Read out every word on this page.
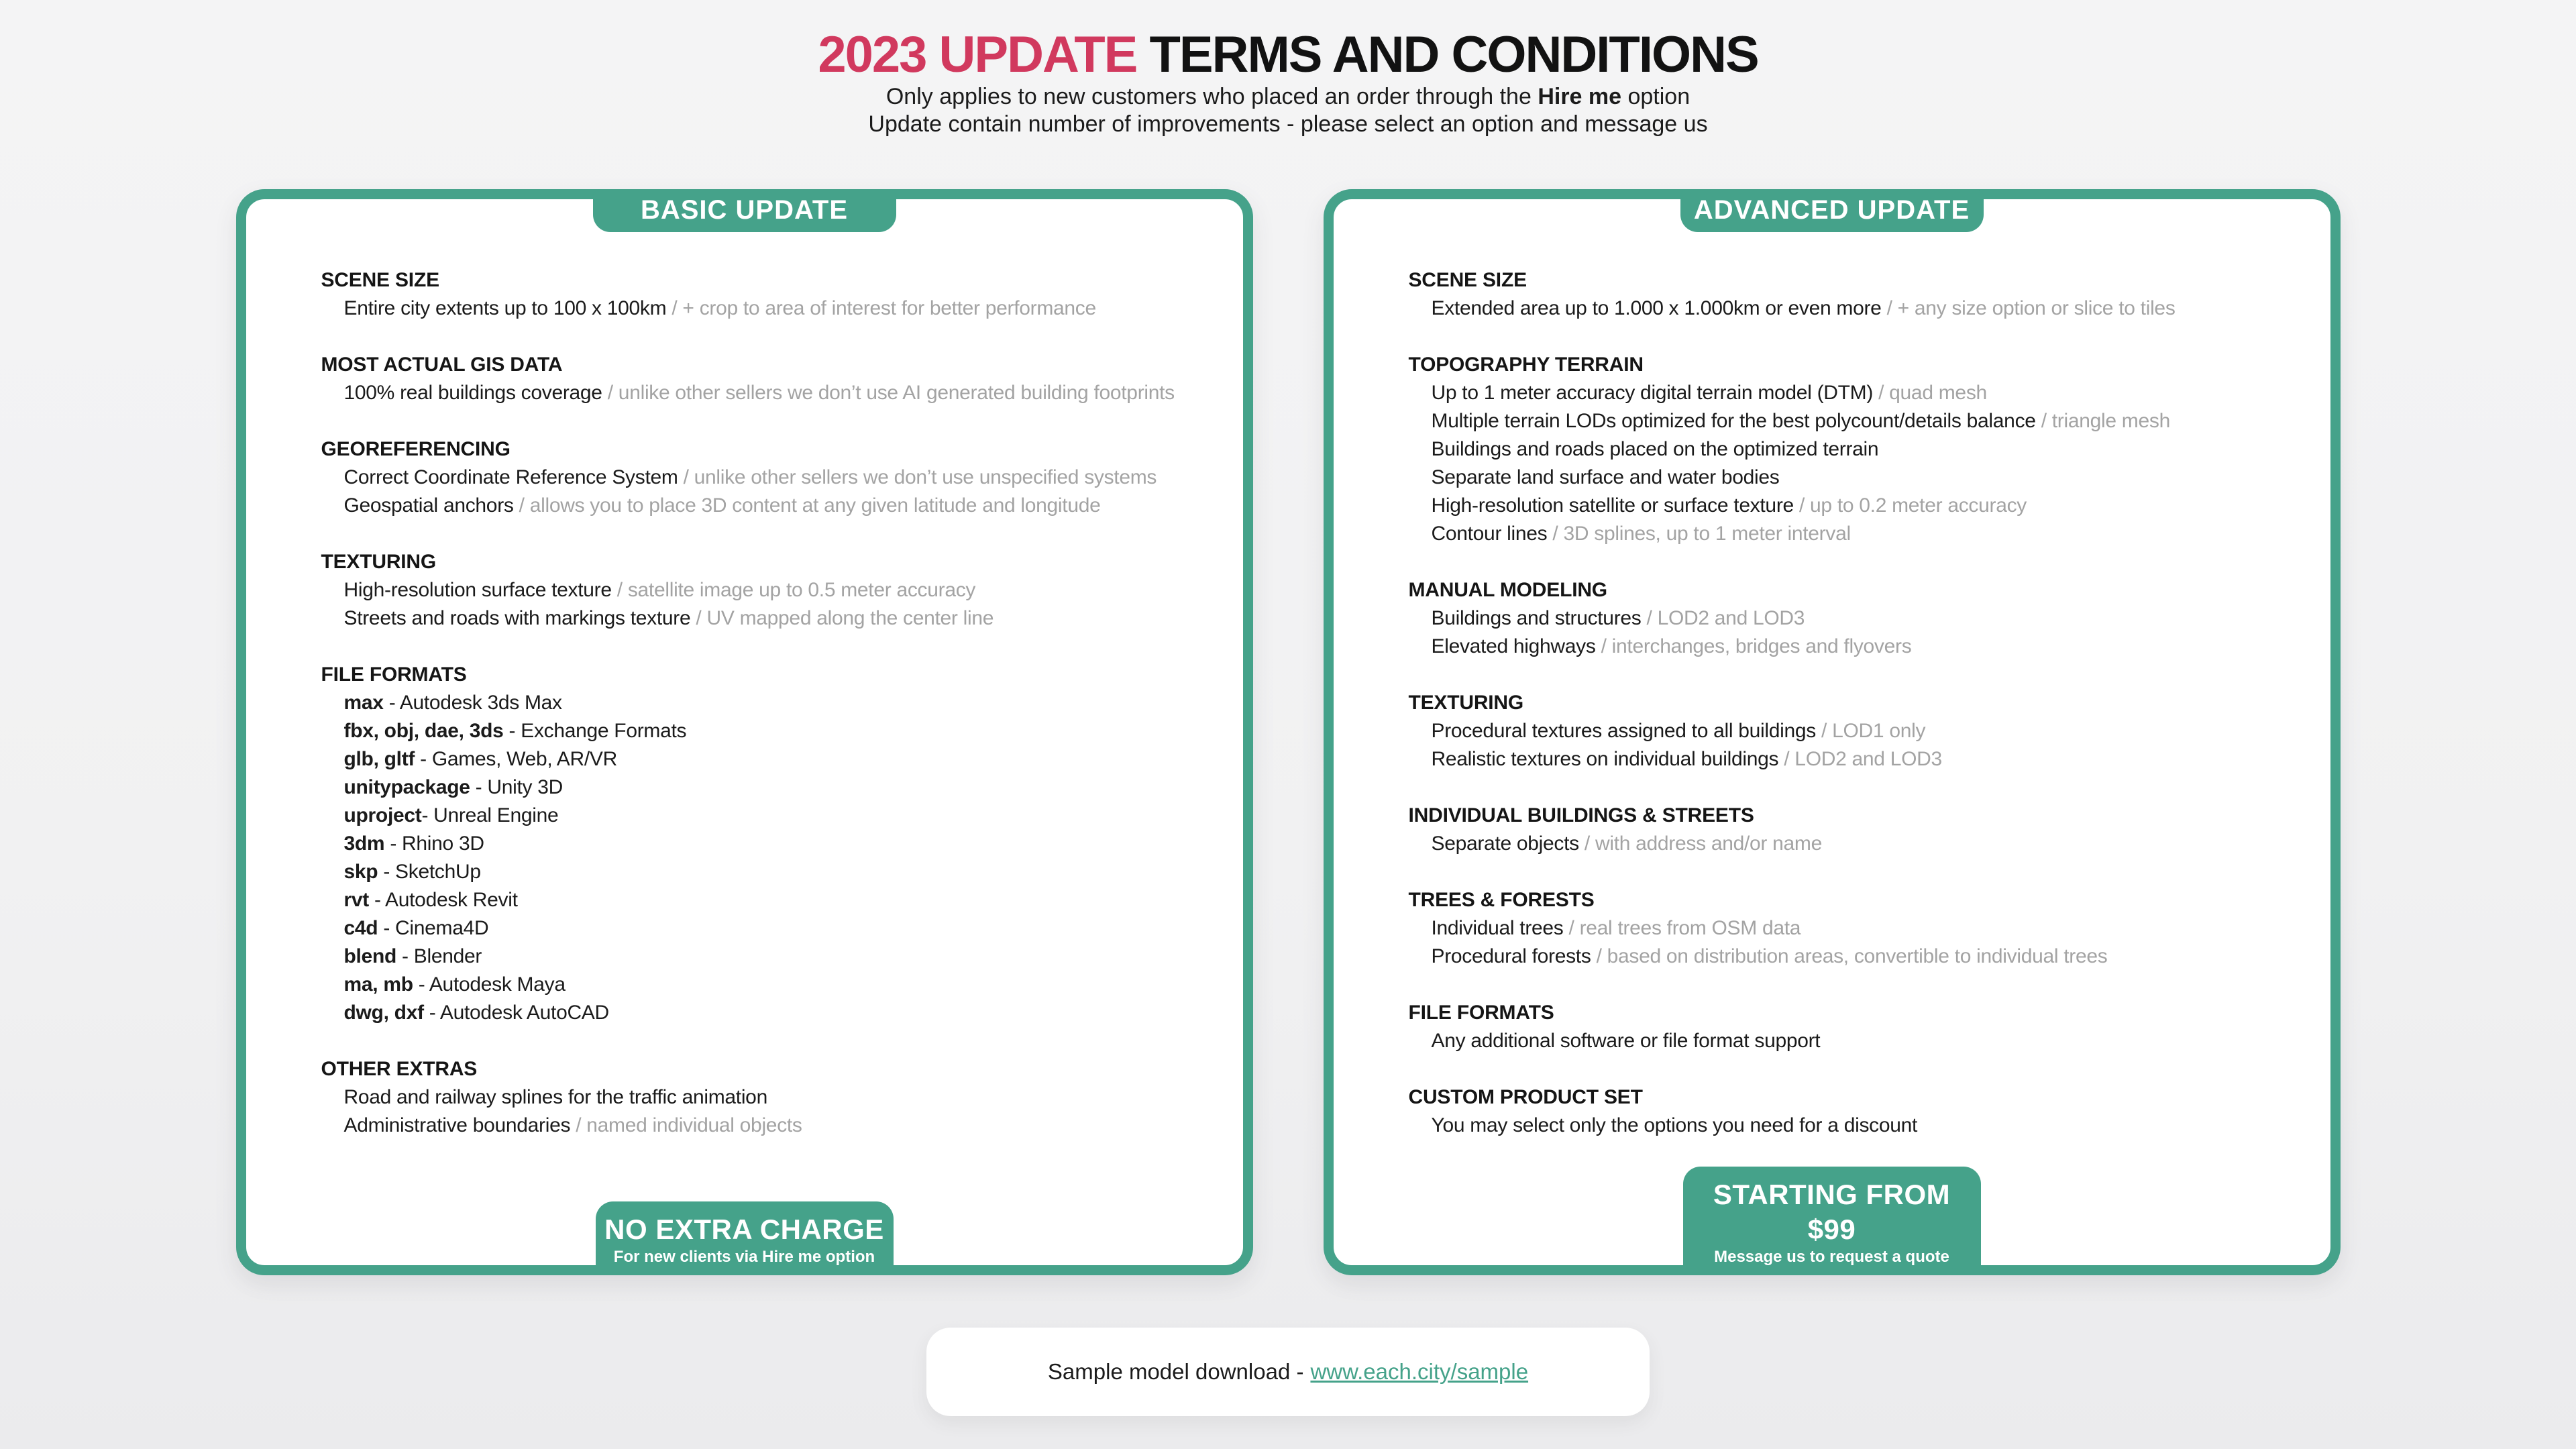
2023 UPDATE TERMS AND CONDITIONS

Only applies to new customers who placed an order through the Hire me option

Update contain number of improvements - please select an option and message us

BASIC UPDATE
SCENE SIZE
Entire city extents up to 100 x 100km / + crop to area of interest for better performance
MOST ACTUAL GIS DATA
100% real buildings coverage / unlike other sellers we don’t use AI generated building footprints
GEOREFERENCING
Correct Coordinate Reference System / unlike other sellers we don’t use unspecified systems
Geospatial anchors / allows you to place 3D content at any given latitude and longitude
TEXTURING
High-resolution surface texture / satellite image up to 0.5 meter accuracy
Streets and roads with markings texture / UV mapped along the center line
FILE FORMATS
max - Autodesk 3ds Max
fbx, obj, dae, 3ds - Exchange Formats
glb, gltf - Games, Web, AR/VR
unitypackage - Unity 3D
uproject- Unreal Engine
3dm - Rhino 3D
skp - SketchUp
rvt - Autodesk Revit
c4d - Cinema4D
blend - Blender
ma, mb - Autodesk Maya
dwg, dxf - Autodesk AutoCAD
OTHER EXTRAS
Road and railway splines for the traffic animation
Administrative boundaries / named individual objects
NO EXTRA CHARGE
For new clients via Hire me option
ADVANCED UPDATE
SCENE SIZE
Extended area up to 1.000 x 1.000km or even more / + any size option or slice to tiles
TOPOGRAPHY TERRAIN
Up to 1 meter accuracy digital terrain model (DTM) / quad mesh
Multiple terrain LODs optimized for the best polycount/details balance / triangle mesh
Buildings and roads placed on the optimized terrain
Separate land surface and water bodies
High-resolution satellite or surface texture / up to 0.2 meter accuracy
Contour lines / 3D splines, up to 1 meter interval
MANUAL MODELING
Buildings and structures / LOD2 and LOD3
Elevated highways / interchanges, bridges and flyovers
TEXTURING
Procedural textures assigned to all buildings / LOD1 only
Realistic textures on individual buildings / LOD2 and LOD3
INDIVIDUAL BUILDINGS & STREETS
Separate objects / with address and/or name
TREES & FORESTS
Individual trees / real trees from OSM data
Procedural forests / based on distribution areas, convertible to individual trees
FILE FORMATS
Any additional software or file format support
CUSTOM PRODUCT SET
You may select only the options you need for a discount
STARTING FROM $99
Message us to request a quote
Sample model download - www.each.city/sample
